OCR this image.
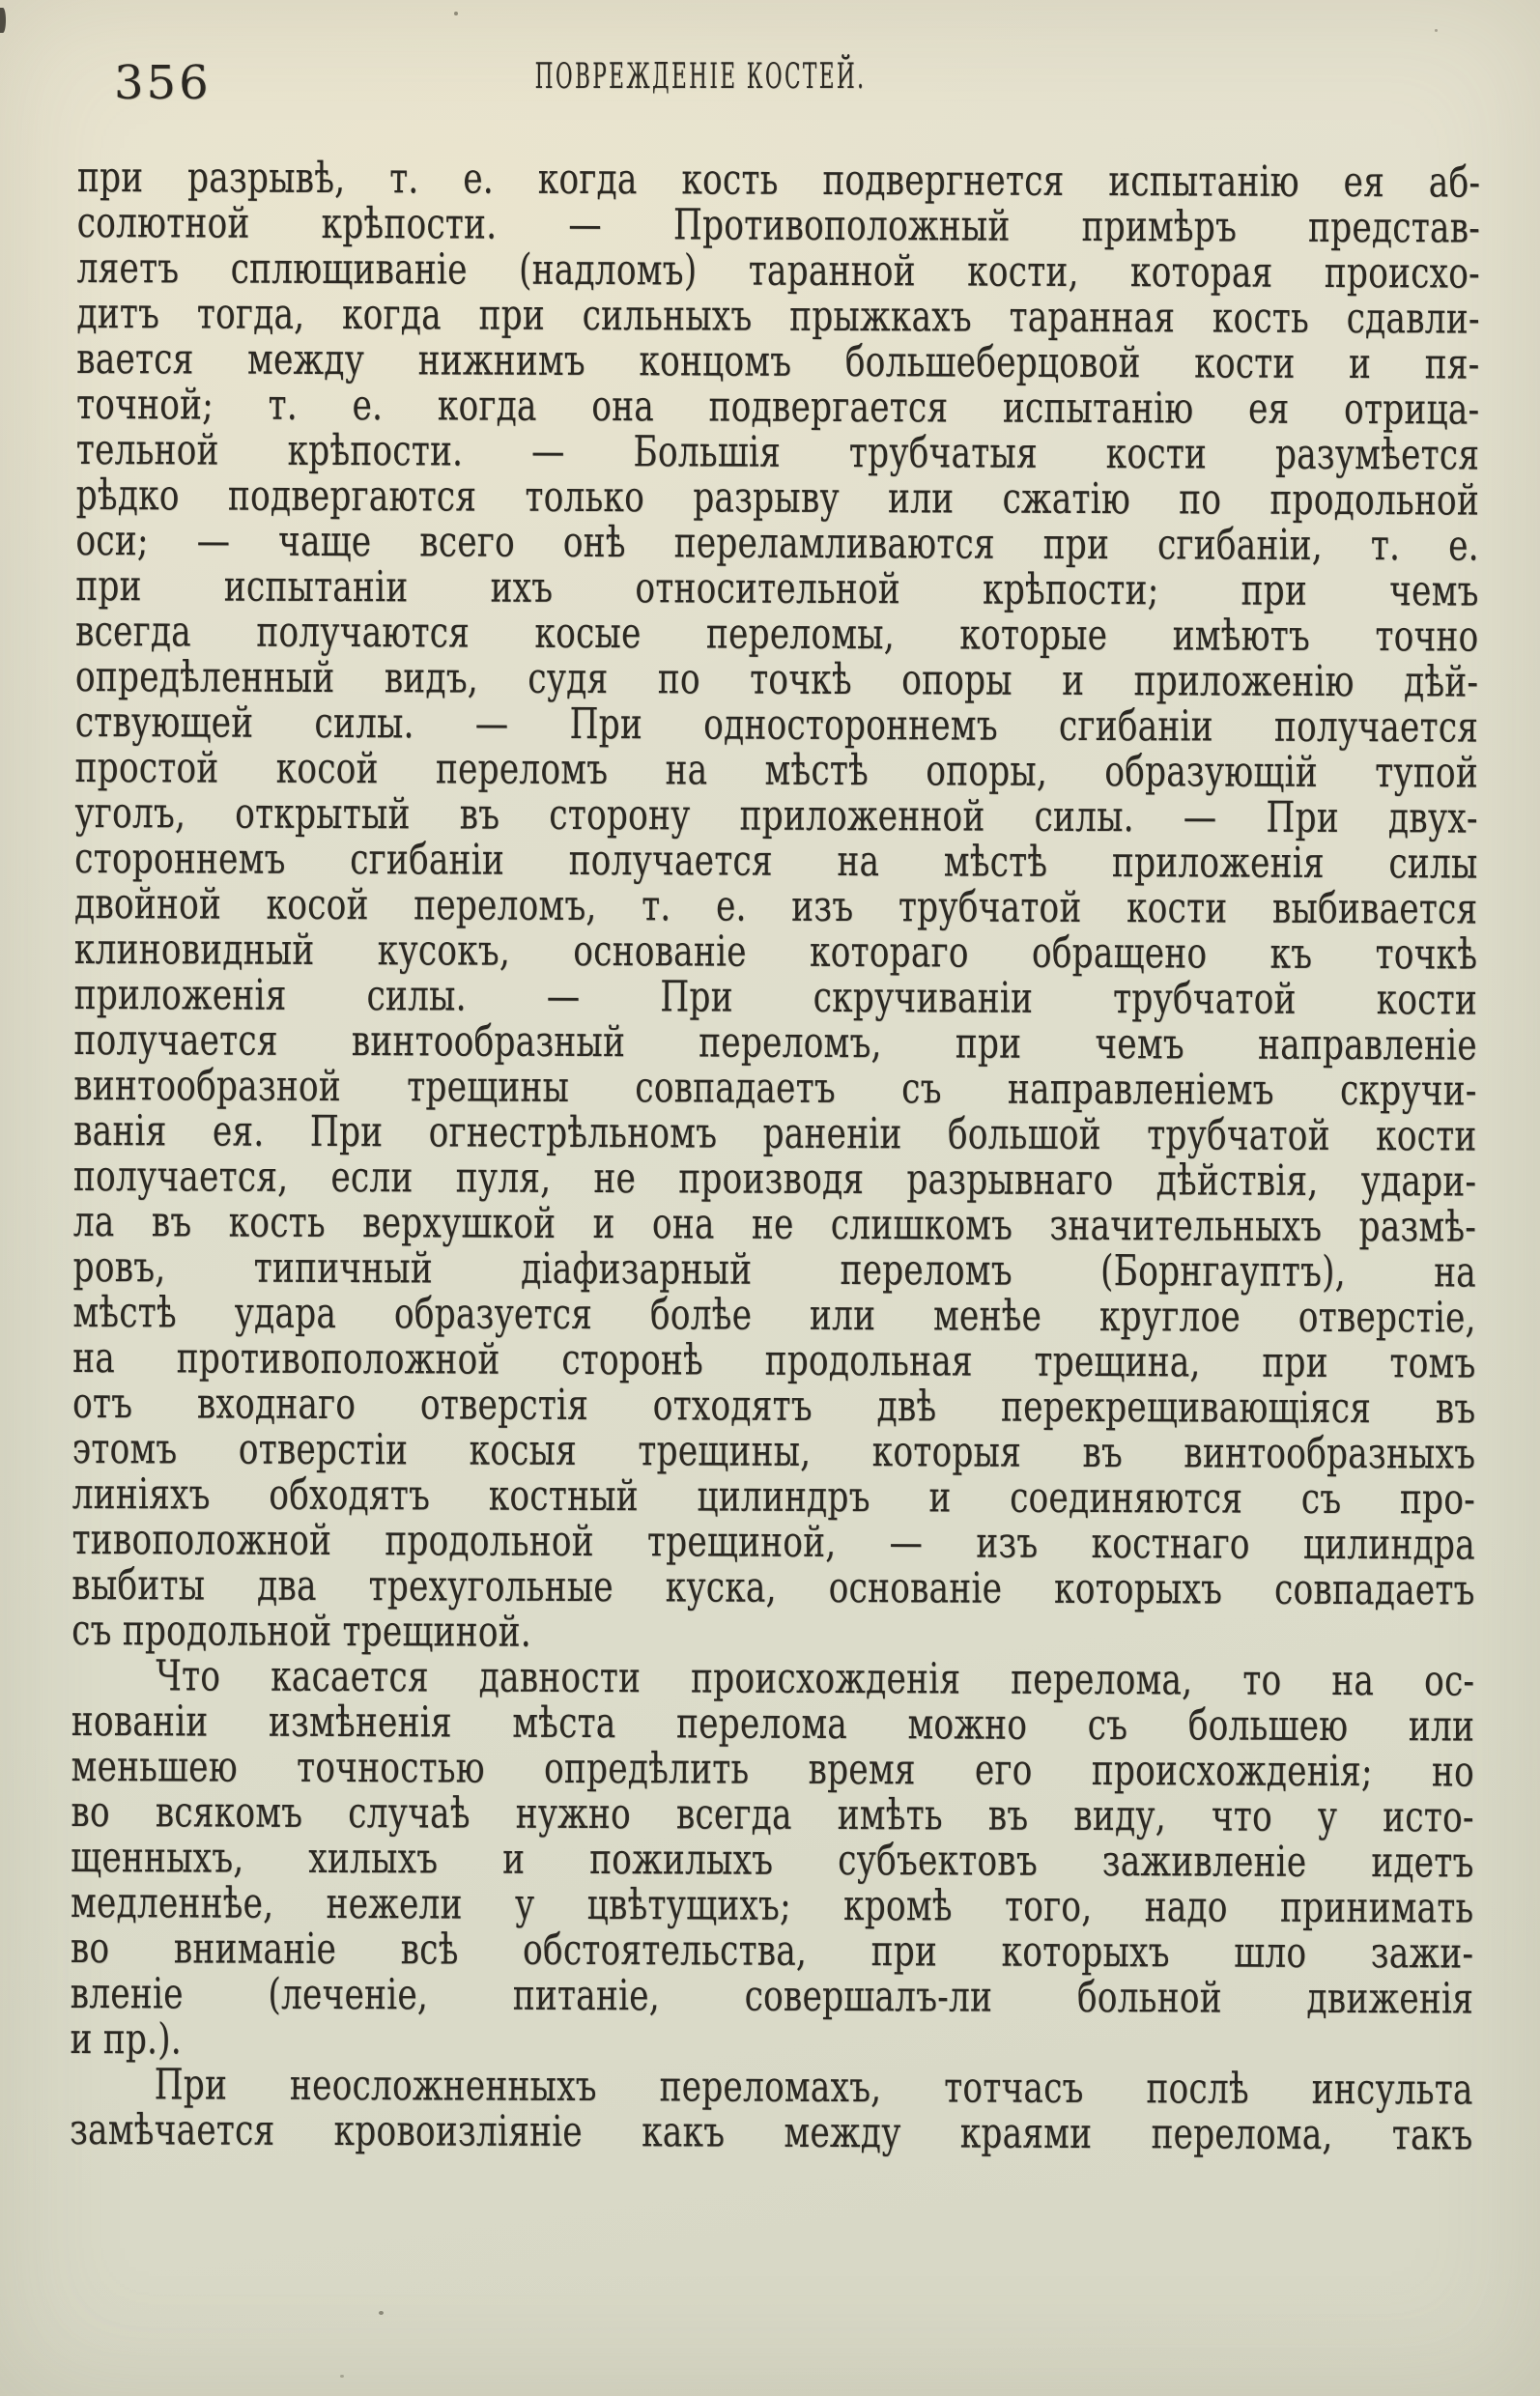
356	ПОВРЕЖДЕНІЕ КОСТЕЙ.
при разрывѣ, т. е. когда кость подвергнется испытанію ея аб-
солютной крѣпости. — Противоположный примѣръ представ-
ляетъ сплющиваніе (надломъ) таранной кости, которая происхо-
дитъ тогда, когда при сильныхъ прыжкахъ таранная кость сдавли-
вается между нижнимъ концомъ большеберцовой кости и пя-
точной; т. е. когда она подвергается испытанію ея отрица-
тельной крѣпости. — Большія трубчатыя кости разумѣется
рѣдко подвергаются только разрыву или сжатію по продольной
оси; — чаще всего онѣ переламливаются при сгибаніи, т. е.
при испытаніи ихъ относительной крѣпости; при чемъ
всегда получаются косые переломы, которые имѣютъ точно
опредѣленный видъ, судя по точкѣ опоры и приложенію дѣй-
ствующей силы. — При одностороннемъ сгибаніи получается
простой косой переломъ на мѣстѣ опоры, образующій тупой
уголъ, открытый въ сторону приложенной силы. — При двух-
стороннемъ сгибаніи получается на мѣстѣ приложенія силы
двойной косой переломъ, т. е. изъ трубчатой кости выбивается
клиновидный кусокъ, основаніе котораго обращено къ точкѣ
приложенія силы. — При скручиваніи трубчатой кости
получается винтообразный переломъ, при чемъ направленіе
винтообразной трещины совпадаетъ съ направленіемъ скручи-
ванія ея. При огнестрѣльномъ раненіи большой трубчатой кости
получается, если пуля, не производя разрывнаго дѣйствія, удари-
ла въ кость верхушкой и она не слишкомъ значительныхъ размѣ-
ровъ, типичный діафизарный переломъ (Борнгауптъ), на
мѣстѣ удара образуется болѣе или менѣе круглое отверстіе,
на противоположной сторонѣ продольная трещина, при томъ
отъ входнаго отверстія отходятъ двѣ перекрещивающіяся въ
этомъ отверстіи косыя трещины, которыя въ винтообразныхъ
линіяхъ обходятъ костный цилиндръ и соединяются съ про-
тивоположной продольной трещиной, — изъ костнаго цилиндра
выбиты два трехугольные куска, основаніе которыхъ совпадаетъ
съ продольной трещиной.
Что касается давности происхожденія перелома, то на ос-
нованіи измѣненія мѣста перелома можно съ большею или
меньшею точностью опредѣлить время его происхожденія; но
во всякомъ случаѣ нужно всегда имѣть въ виду, что у исто-
щенныхъ, хилыхъ и пожилыхъ субъектовъ заживленіе идетъ
медленнѣе, нежели у цвѣтущихъ; кромѣ того, надо принимать
во вниманіе всѣ обстоятельства, при которыхъ шло зажи-
вленіе (леченіе, питаніе, совершалъ-ли больной движенія
и пр.).
При неосложненныхъ переломахъ, тотчасъ послѣ инсульта
замѣчается кровоизліяніе какъ между краями перелома, такъ
